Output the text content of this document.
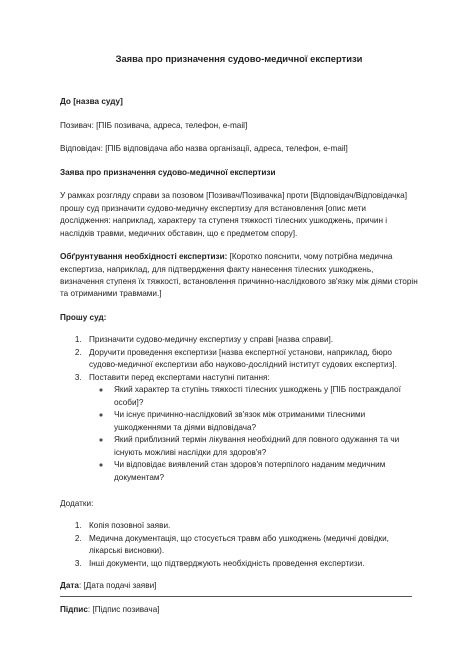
Заява про призначення судово-медичної експертизи
До [назва суду]
Позивач: [ПІБ позивача, адреса, телефон, e-mail]
Відповідач: [ПІБ відповідача або назва організації, адреса, телефон, e-mail]
Заява про призначення судово-медичної експертизи
У рамках розгляду справи за позовом [Позивач/Позивачка] проти [Відповідач/Відповідачка] прошу суд призначити судово-медичну експертизу для встановлення [опис мети дослідження: наприклад, характеру та ступеня тяжкості тілесних ушкоджень, причин і наслідків травми, медичних обставин, що є предметом спору].
Обґрунтування необхідності експертизи: [Коротко пояснити, чому потрібна медична експертиза, наприклад, для підтвердження факту нанесення тілесних ушкоджень, визначення ступеня їх тяжкості, встановлення причинно-наслідкового зв'язку між діями сторін та отриманими травмами.]
Прошу суд:
1. Призначити судово-медичну експертизу у справі [назва справи].
2. Доручити проведення експертизи [назва експертної установи, наприклад, бюро судово-медичної експертизи або науково-дослідний інститут судових експертиз].
3. Поставити перед експертами наступні питання:
◦ Який характер та ступінь тяжкості тілесних ушкоджень у [ПІБ постраждалої особи]?
◦ Чи існує причинно-наслідковий зв'язок між отриманими тілесними ушкодженнями та діями відповідача?
◦ Який приблизний термін лікування необхідний для повного одужання та чи існують можливі наслідки для здоров'я?
◦ Чи відповідає виявлений стан здоров'я потерпілого наданим медичним документам?
Додатки:
1. Копія позовної заяви.
2. Медична документація, що стосується травм або ушкоджень (медичні довідки, лікарські висновки).
3. Інші документи, що підтверджують необхідність проведення експертизи.
Дата: [Дата подачі заяви]
Підпис: [Підпис позивача]
